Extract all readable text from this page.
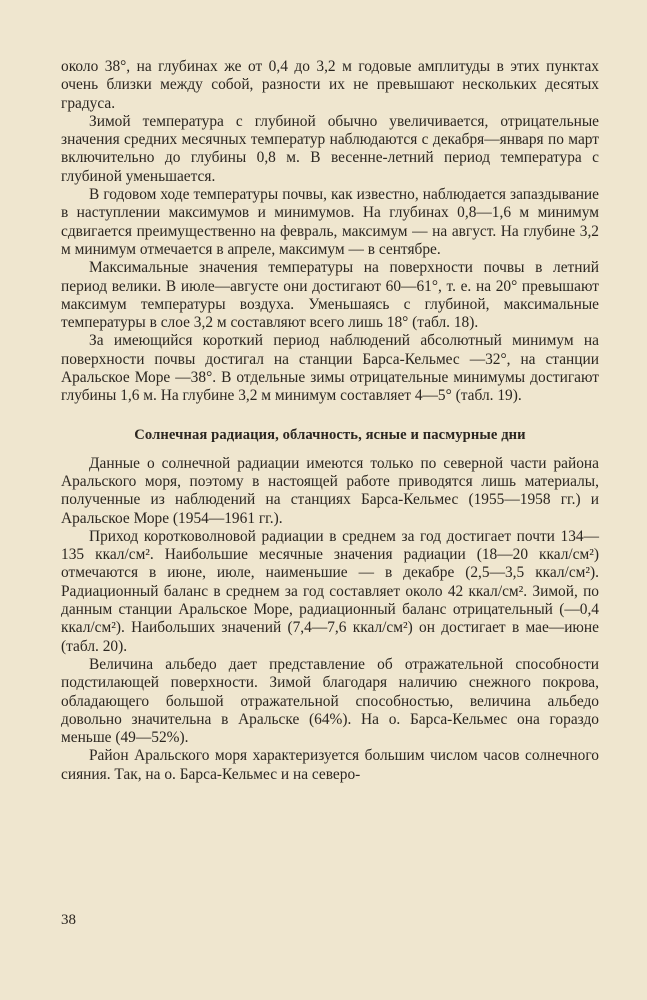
около 38°, на глубинах же от 0,4 до 3,2 м годовые амплитуды в этих пунктах очень близки между собой, разности их не превышают нескольких десятых градуса.

Зимой температура с глубиной обычно увеличивается, отрицательные значения средних месячных температур наблюдаются с декабря—января по март включительно до глубины 0,8 м. В весенне-летний период температура с глубиной уменьшается.

В годовом ходе температуры почвы, как известно, наблюдается запаздывание в наступлении максимумов и минимумов. На глубинах 0,8—1,6 м минимум сдвигается преимущественно на февраль, максимум — на август. На глубине 3,2 м минимум отмечается в апреле, максимум — в сентябре.

Максимальные значения температуры на поверхности почвы в летний период велики. В июле—августе они достигают 60—61°, т. е. на 20° превышают максимум температуры воздуха. Уменьшаясь с глубиной, максимальные температуры в слое 3,2 м составляют всего лишь 18° (табл. 18).

За имеющийся короткий период наблюдений абсолютный минимум на поверхности почвы достигал на станции Барса-Кельмес —32°, на станции Аральское Море —38°. В отдельные зимы отрицательные минимумы достигают глубины 1,6 м. На глубине 3,2 м минимум составляет 4—5° (табл. 19).

Солнечная радиация, облачность, ясные и пасмурные дни

Данные о солнечной радиации имеются только по северной части района Аральского моря, поэтому в настоящей работе приводятся лишь материалы, полученные из наблюдений на станциях Барса-Кельмес (1955—1958 гг.) и Аральское Море (1954—1961 гг.).

Приход коротковолновой радиации в среднем за год достигает почти 134—135 ккал/см². Наибольшие месячные значения радиации (18—20 ккал/см²) отмечаются в июне, июле, наименьшие — в декабре (2,5—3,5 ккал/см²). Радиационный баланс в среднем за год составляет около 42 ккал/см². Зимой, по данным станции Аральское Море, радиационный баланс отрицательный (—0,4 ккал/см²). Наибольших значений (7,4—7,6 ккал/см²) он достигает в мае—июне (табл. 20).

Величина альбедо дает представление об отражательной способности подстилающей поверхности. Зимой благодаря наличию снежного покрова, обладающего большой отражательной способностью, величина альбедо довольно значительна в Аральске (64%). На о. Барса-Кельмес она гораздо меньше (49—52%).

Район Аральского моря характеризуется большим числом часов солнечного сияния. Так, на о. Барса-Кельмес и на северо-

38
